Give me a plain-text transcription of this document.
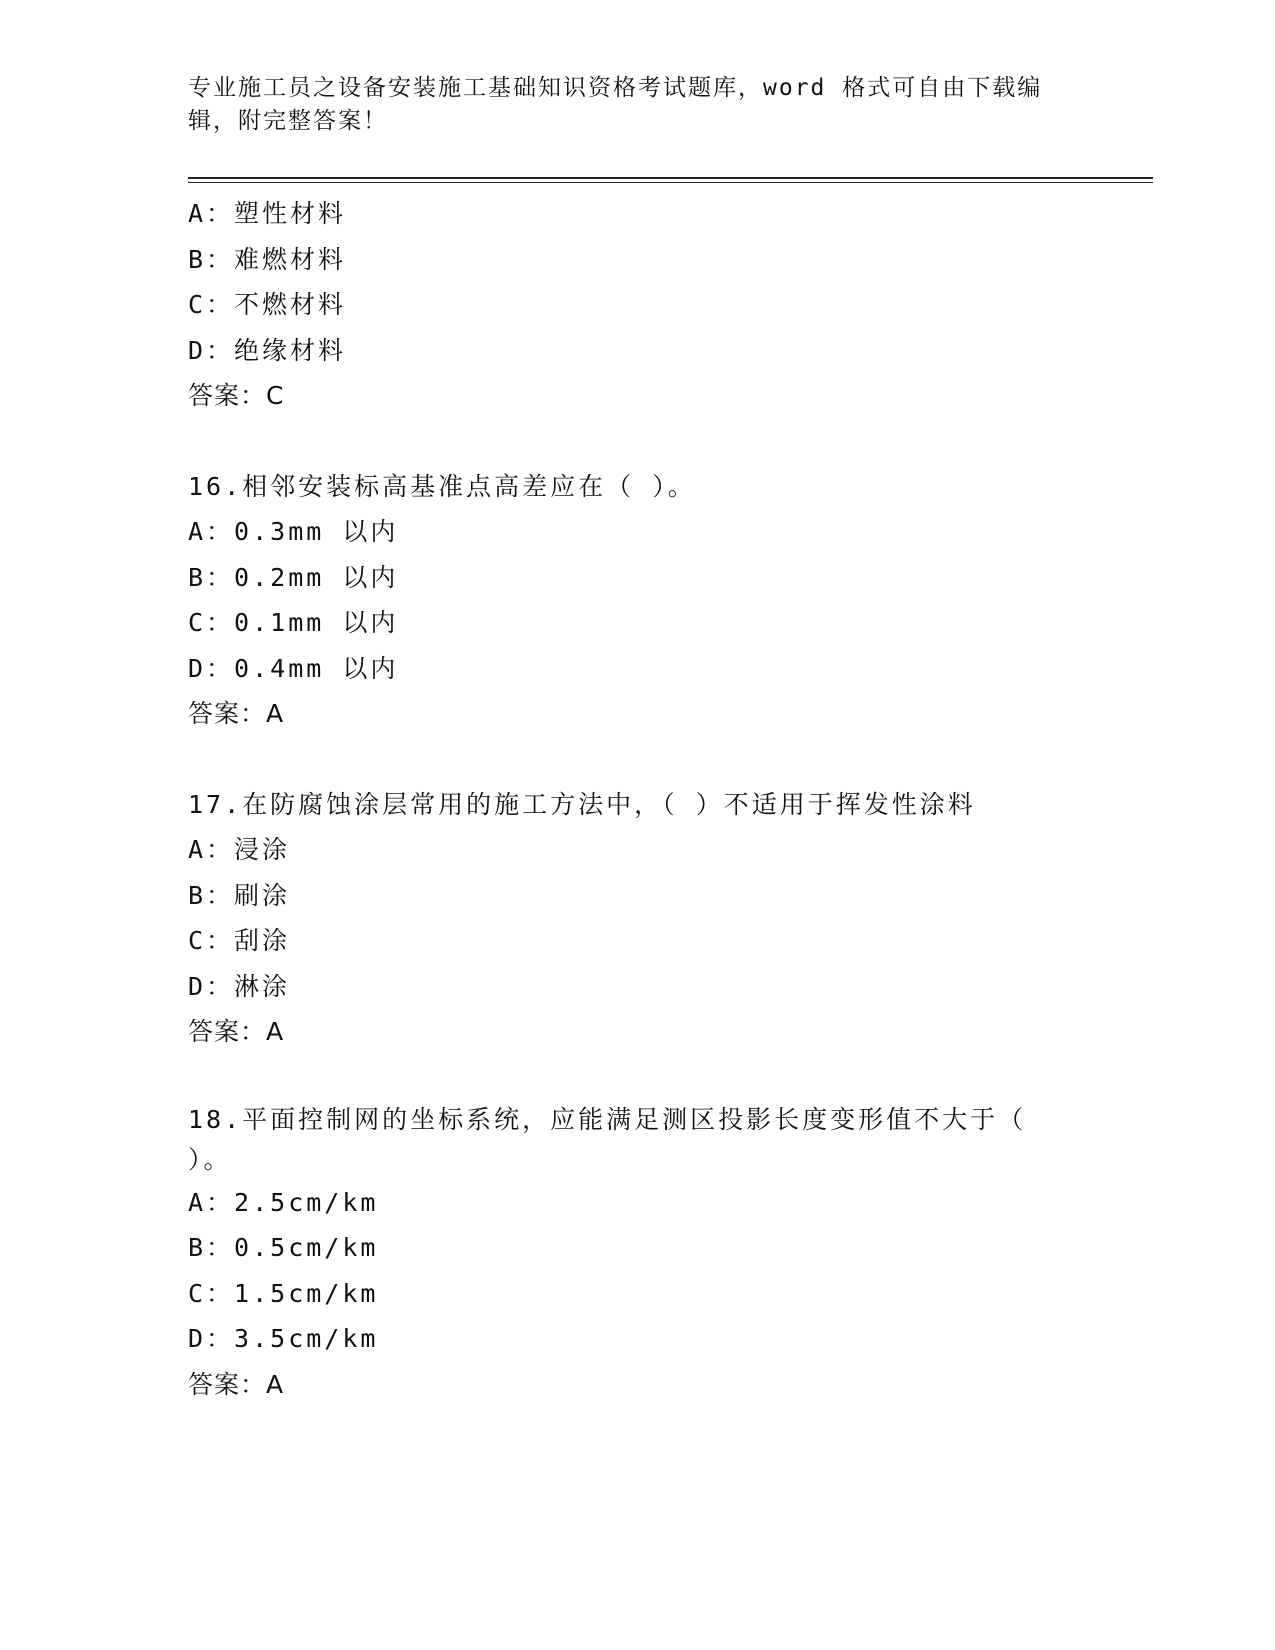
专业施工员之设备安装施工基础知识资格考试题库，word 格式可自由下载编辑，附完整答案！
A：塑性材料
B：难燃材料
C：不燃材料
D：绝缘材料
答案：C
16.相邻安装标高基准点高差应在（ ）。
A：0.3mm 以内
B：0.2mm 以内
C：0.1mm 以内
D：0.4mm 以内
答案：A
17.在防腐蚀涂层常用的施工方法中，（ ）不适用于挥发性涂料
A：浸涂
B：刷涂
C：刮涂
D：淋涂
答案：A
18.平面控制网的坐标系统，应能满足测区投影长度变形值不大于（ ）。
A：2.5cm/km
B：0.5cm/km
C：1.5cm/km
D：3.5cm/km
答案：A
